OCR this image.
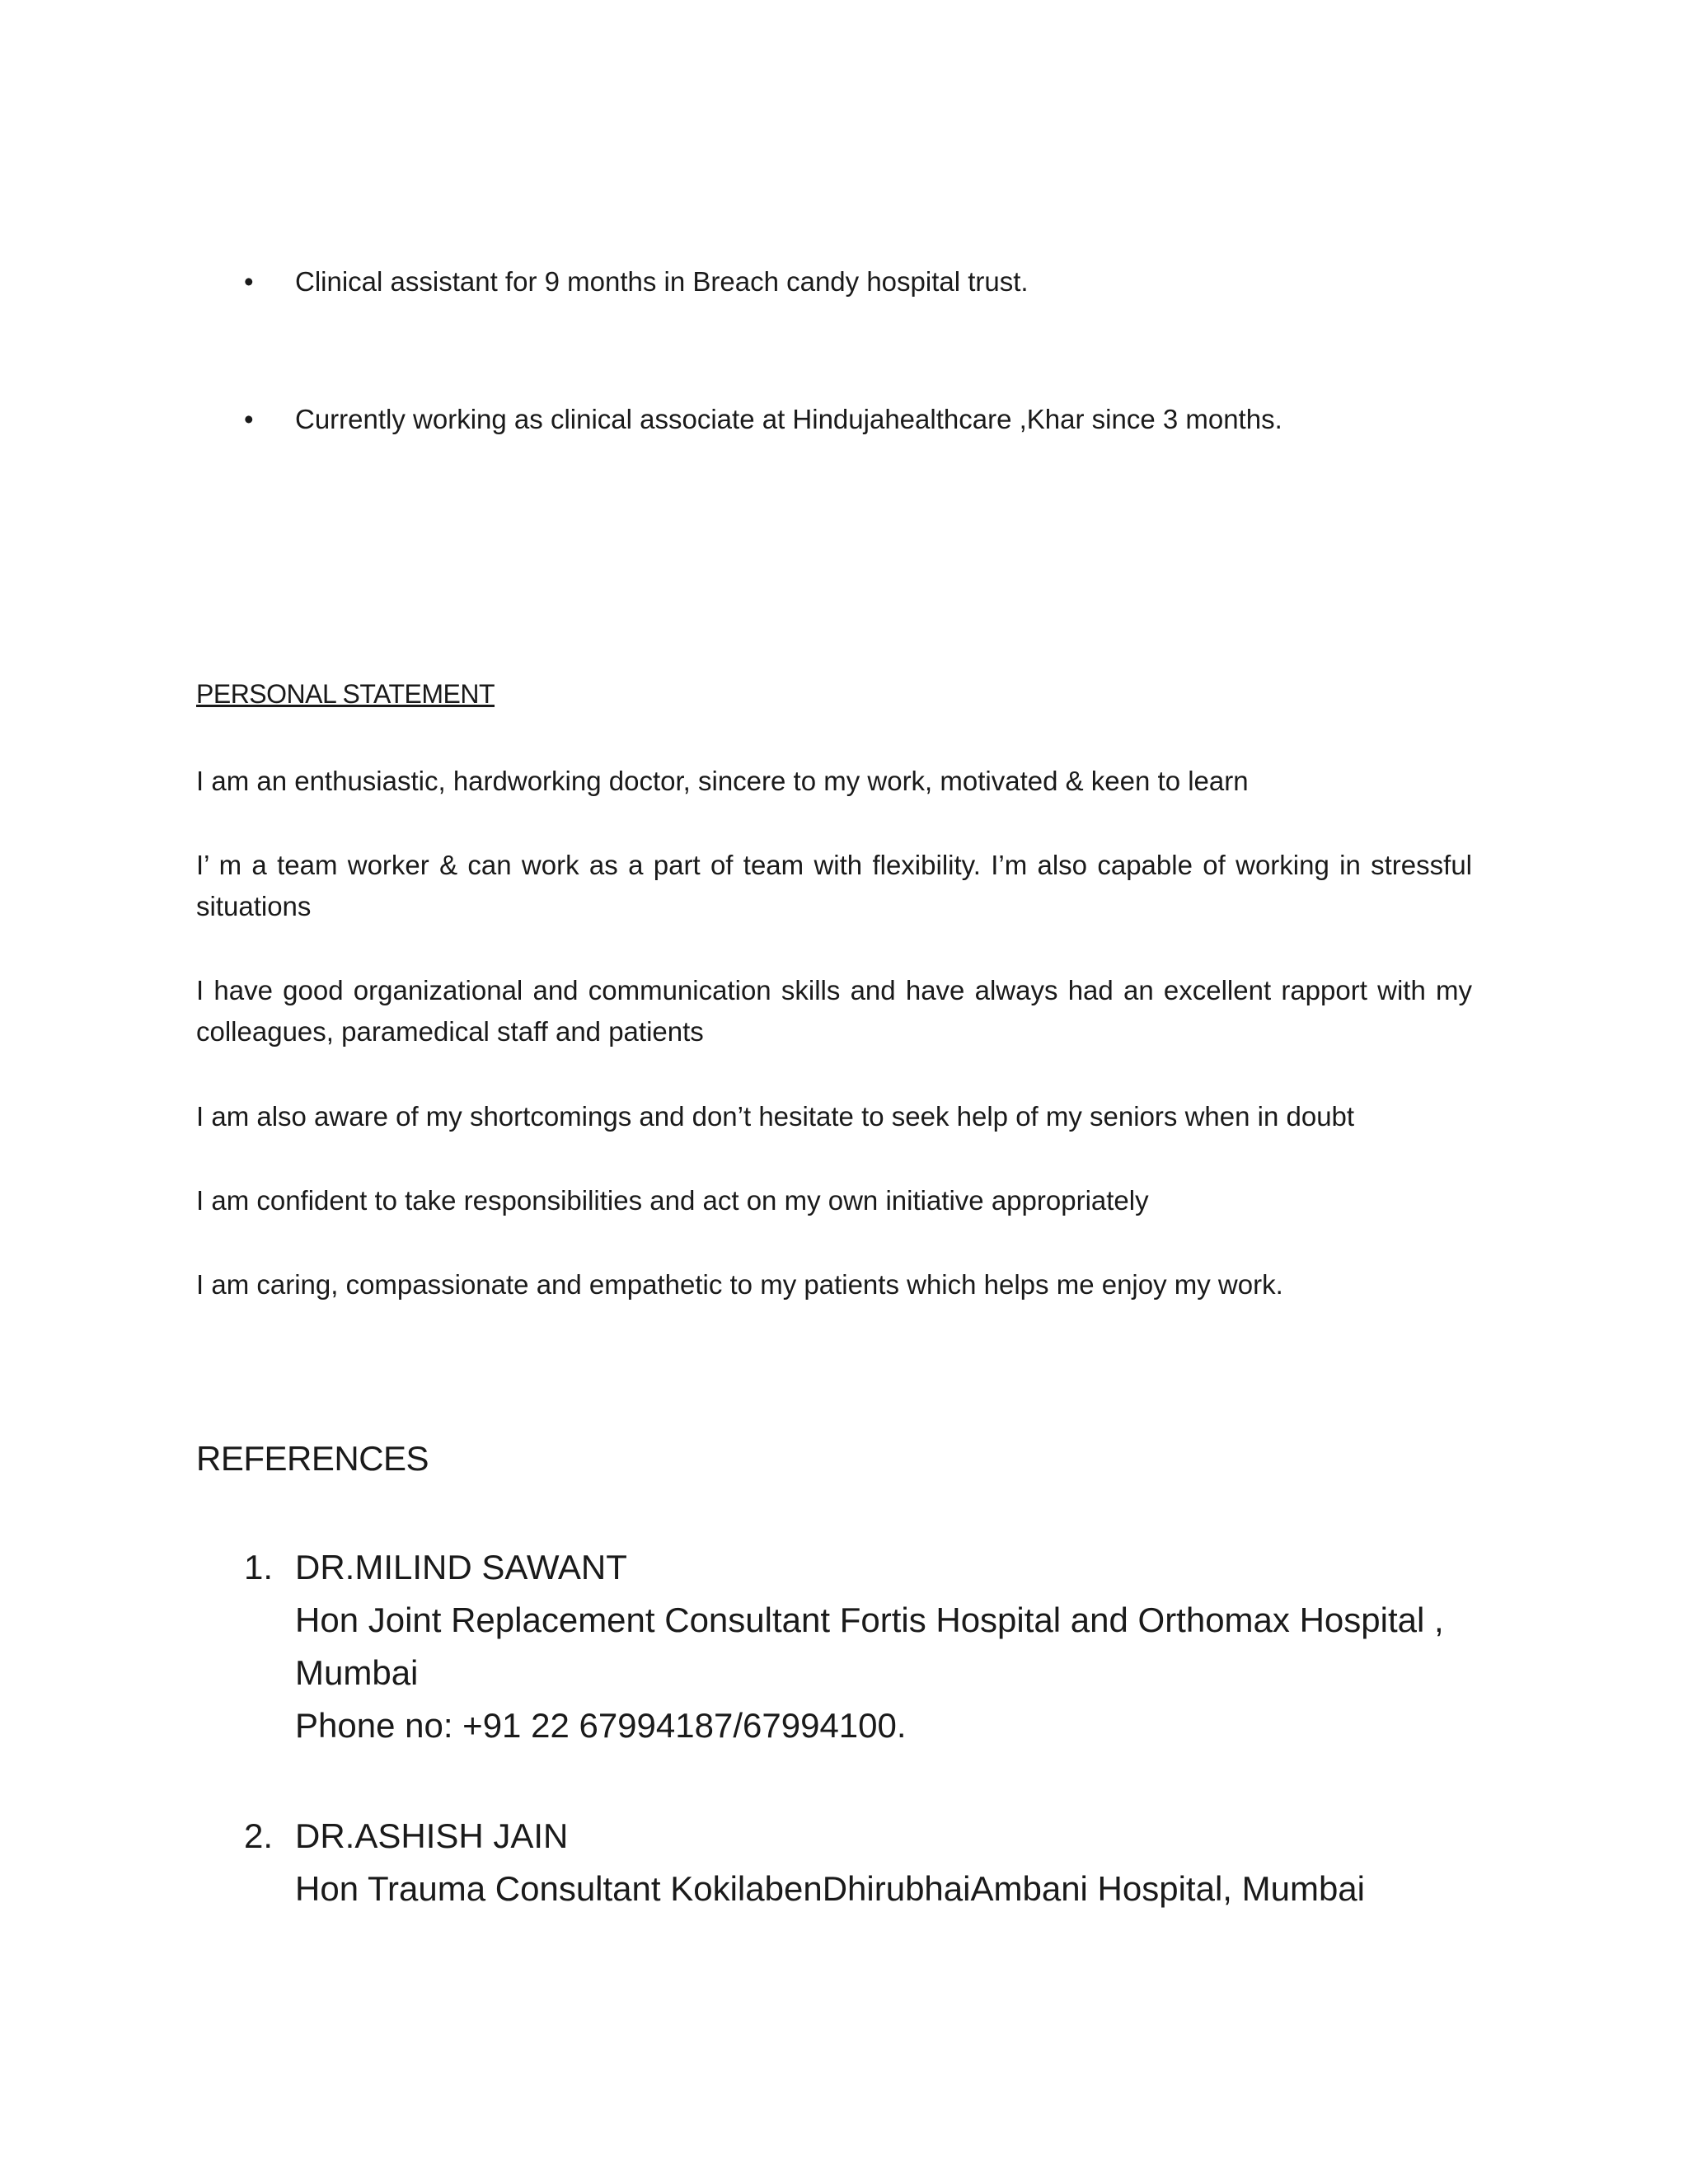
• Clinical assistant for 9 months in Breach candy hospital trust.
• Currently working as clinical associate at Hindujahealthcare ,Khar since 3 months.
PERSONAL STATEMENT
I am an enthusiastic, hardworking doctor, sincere to my work, motivated & keen to learn
I’ m a team worker & can work as a part of team with flexibility. I’m also capable of working in stressful situations
I have good organizational and communication skills and have always had an excellent rapport with my colleagues, paramedical staff and patients
I am also aware of my shortcomings and don’t hesitate to seek help of my seniors when in doubt
I am confident to take responsibilities and act on my own initiative appropriately
I am caring, compassionate and empathetic to my patients which helps me enjoy my work.
REFERENCES
1. DR.MILIND SAWANT
Hon Joint Replacement Consultant Fortis Hospital and Orthomax Hospital ,
Mumbai
Phone no: +91 22 67994187/67994100.
2. DR.ASHISH JAIN
Hon Trauma Consultant KokilabenDhirubhaiAmbani Hospital, Mumbai
